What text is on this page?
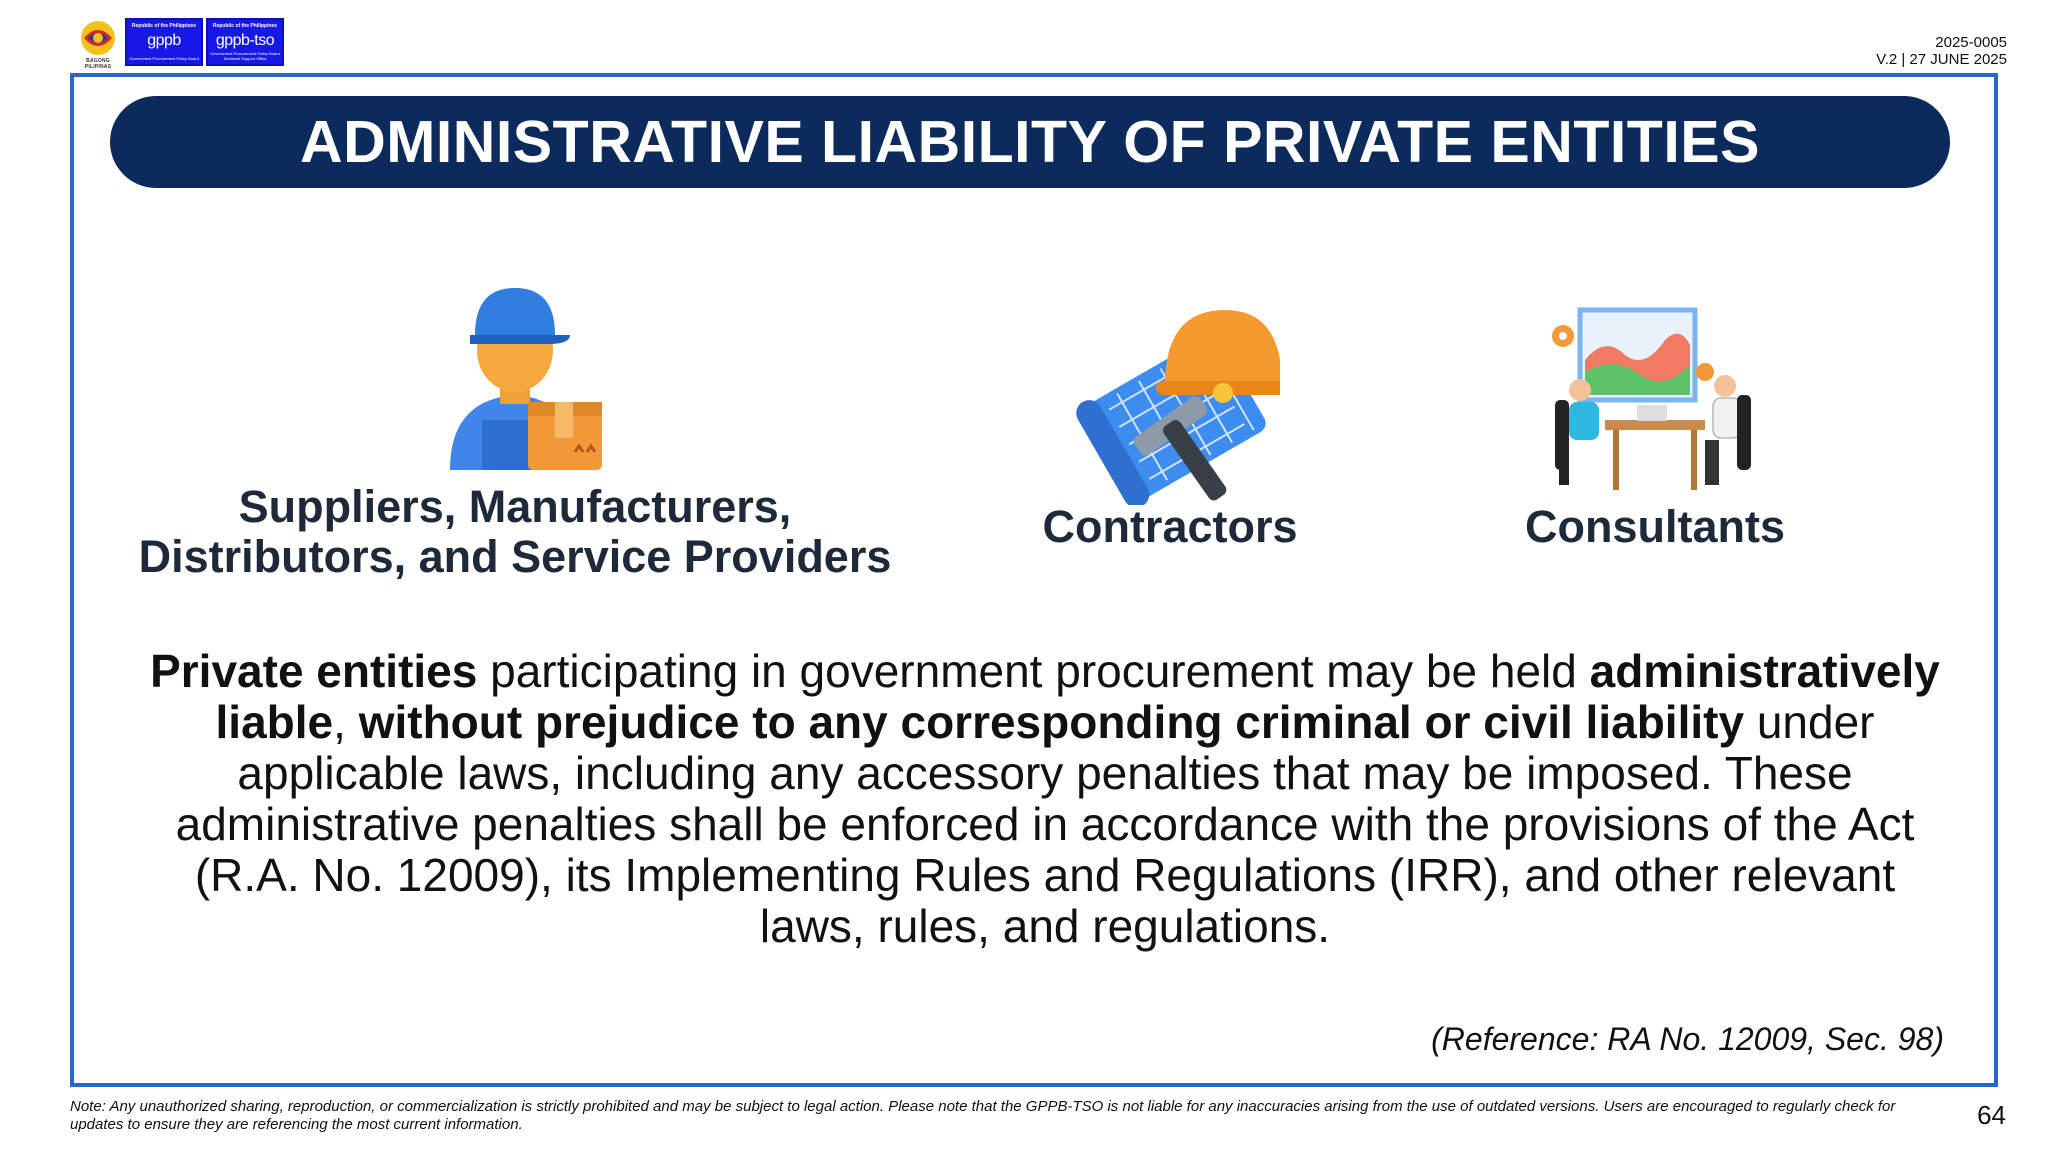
BAGONG PILIPINAS
Republic of the Philippines
gppb
Government Procurement Policy Board
Republic of the Philippines
gppb-tso
Government Procurement Policy Board Technical Support Office
2025-0005
V.2 | 27 JUNE 2025
ADMINISTRATIVE LIABILITY OF PRIVATE ENTITIES
Suppliers, Manufacturers,
Distributors, and Service Providers
Contractors	Consultants
Private entities participating in government procurement may be held administratively liable, without prejudice to any corresponding criminal or civil liability under applicable laws, including any accessory penalties that may be imposed. These administrative penalties shall be enforced in accordance with the provisions of the Act (R.A. No. 12009), its Implementing Rules and Regulations (IRR), and other relevant laws, rules, and regulations.
(Reference: RA No. 12009, Sec. 98)
Note: Any unauthorized sharing, reproduction, or commercialization is strictly prohibited and may be subject to legal action. Please note that the GPPB-TSO is not liable for any inaccuracies arising from the use of outdated versions. Users are encouraged to regularly check for updates to ensure they are referencing the most current information.	64
